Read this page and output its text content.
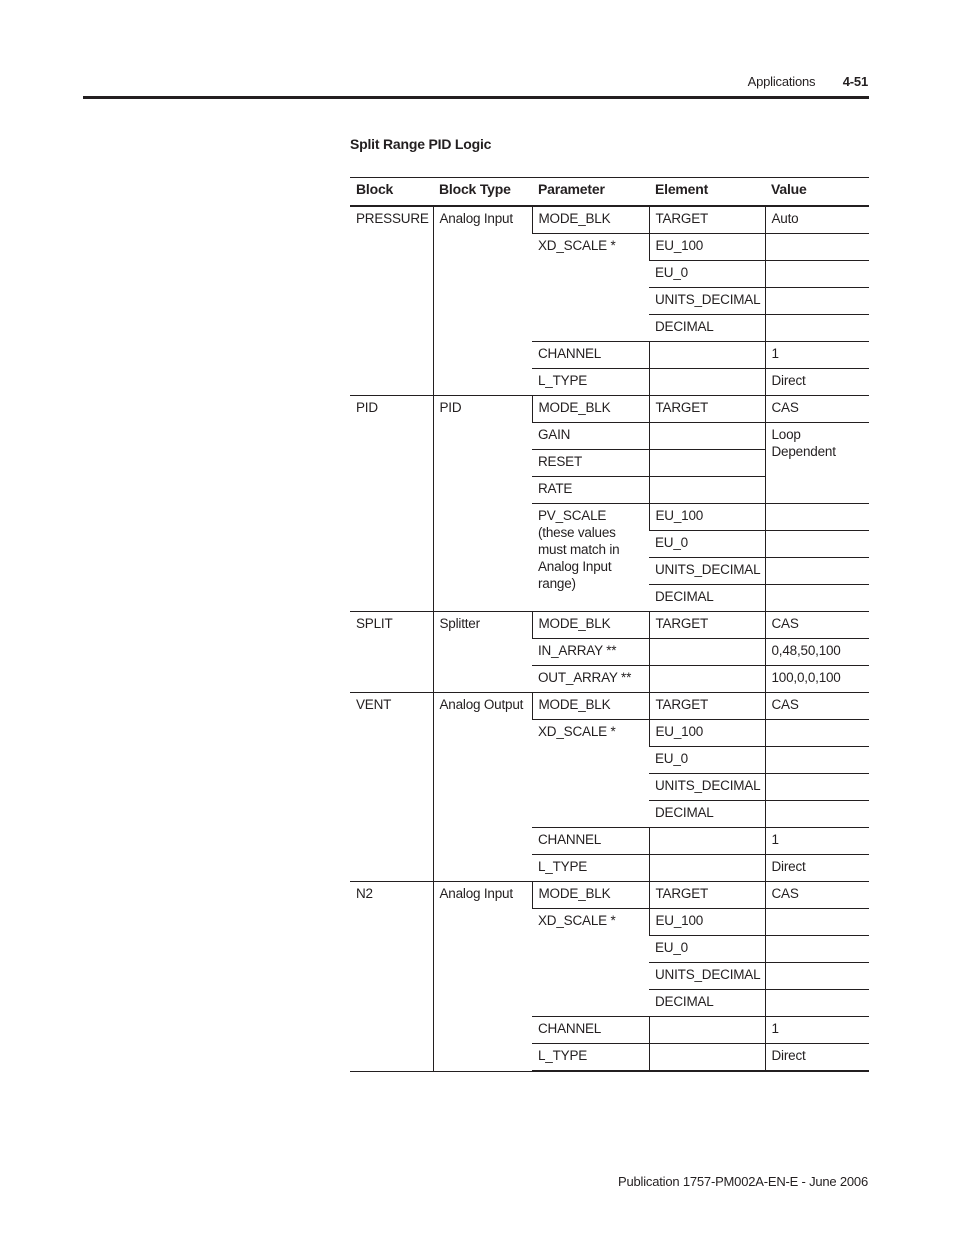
Applications 4-51
Split Range PID Logic
Block	Block Type	Parameter	Element	Value
PRESSURE	Analog Input	MODE_BLK	TARGET	Auto
		XD_SCALE *	EU_100	
			EU_0	
			UNITS_DECIMAL	
			DECIMAL	
		CHANNEL		1
		L_TYPE		Direct
PID	PID	MODE_BLK	TARGET	CAS
		GAIN		Loop Dependent
		RESET		
		RATE		
		PV_SCALE (these values must match in Analog Input range)	EU_100	
			EU_0	
			UNITS_DECIMAL	
			DECIMAL	
SPLIT	Splitter	MODE_BLK	TARGET	CAS
		IN_ARRAY **		0,48,50,100
		OUT_ARRAY **		100,0,0,100
VENT	Analog Output	MODE_BLK	TARGET	CAS
		XD_SCALE *	EU_100	
			EU_0	
			UNITS_DECIMAL	
			DECIMAL	
		CHANNEL		1
		L_TYPE		Direct
N2	Analog Input	MODE_BLK	TARGET	CAS
		XD_SCALE *	EU_100	
			EU_0	
			UNITS_DECIMAL	
			DECIMAL	
		CHANNEL		1
		L_TYPE		Direct
Publication 1757-PM002A-EN-E - June 2006
